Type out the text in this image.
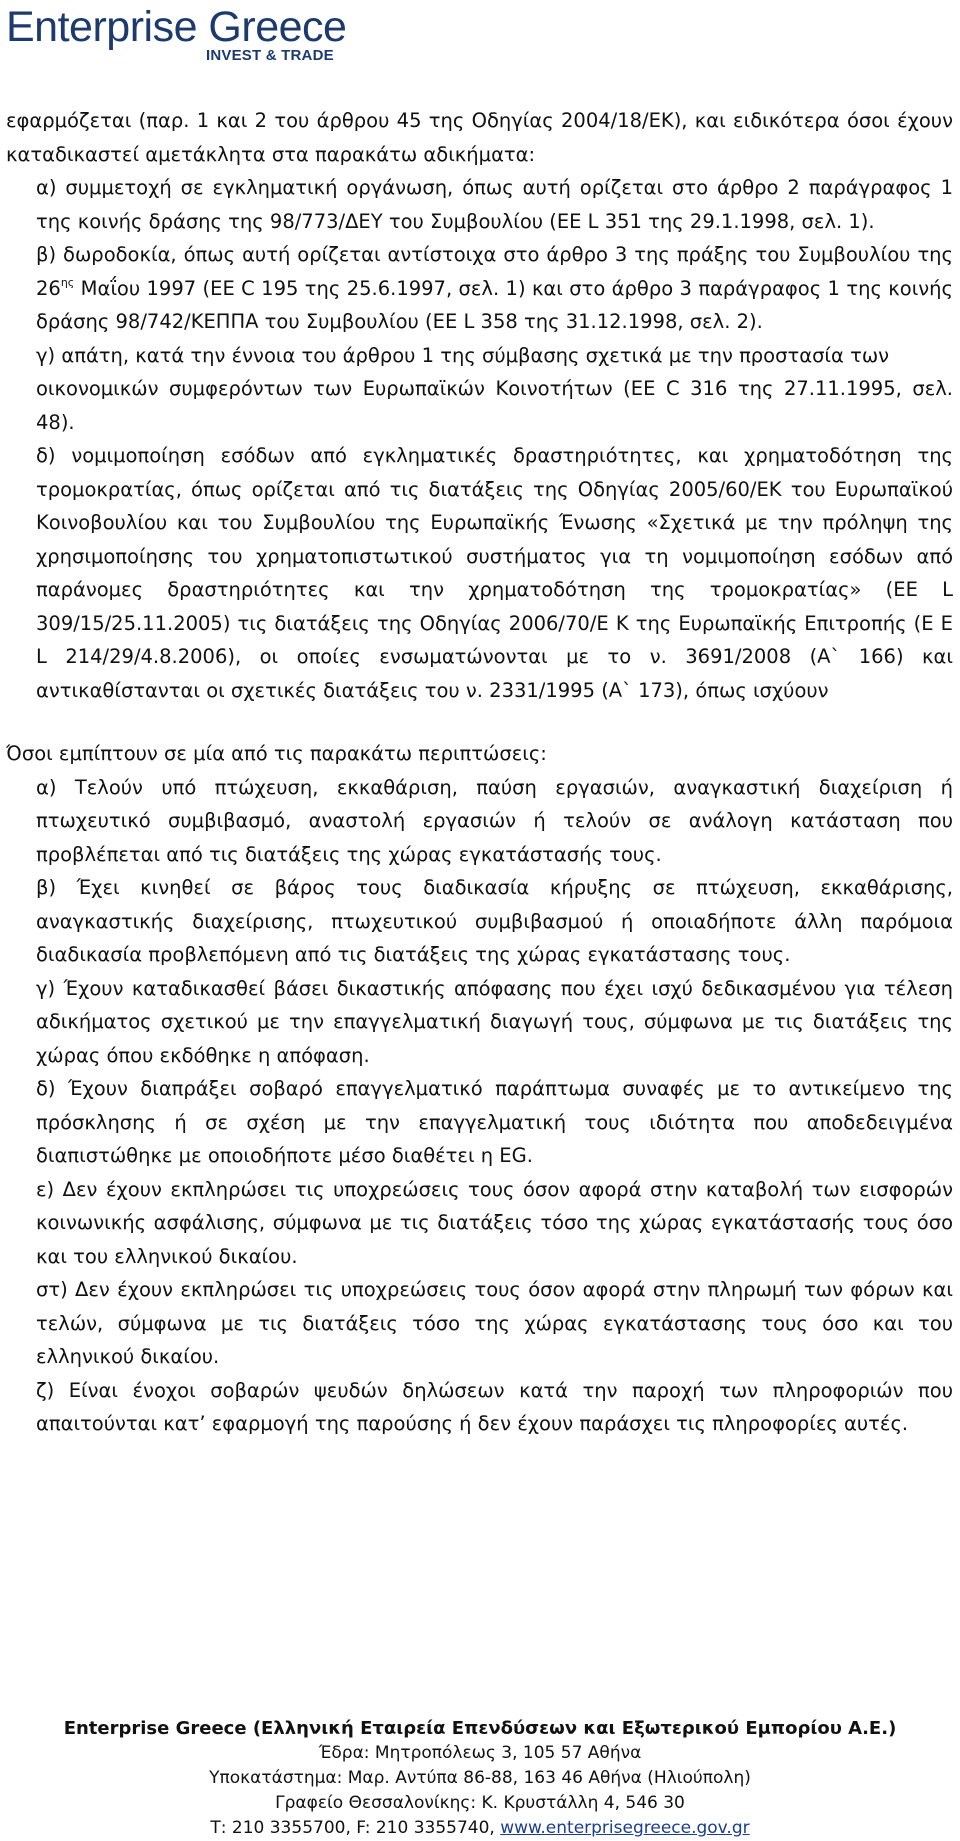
Enterprise Greece
INVEST & TRADE

εφαρμόζεται (παρ. 1 και 2 του άρθρου 45 της Οδηγίας 2004/18/ΕΚ), και ειδικότερα όσοι έχουν καταδικαστεί αμετάκλητα στα παρακάτω αδικήματα:

α) συμμετοχή σε εγκληματική οργάνωση, όπως αυτή ορίζεται στο άρθρο 2 παράγραφος 1 της κοινής δράσης της 98/773/ΔΕΥ του Συμβουλίου (ΕΕ L 351 της 29.1.1998, σελ. 1).

β) δωροδοκία, όπως αυτή ορίζεται αντίστοιχα στο άρθρο 3 της πράξης του Συμβουλίου της $26^{\eta\varsigma}$ Μαΐου 1997 (ΕΕ C 195 της 25.6.1997, σελ. 1) και στο άρθρο 3 παράγραφος 1 της κοινής δράσης 98/742/ΚΕΠΠΑ του Συμβουλίου (ΕΕ L 358 της 31.12.1998, σελ. 2).

γ) απάτη, κατά την έννοια του άρθρου 1 της σύμβασης σχετικά με την προστασία των

οικονομικών συμφερόντων των Ευρωπαϊκών Κοινοτήτων (ΕΕ C 316 της 27.11.1995, σελ. 48).

δ) νομιμοποίηση εσόδων από εγκληματικές δραστηριότητες, και χρηματοδότηση της τρομοκρατίας, όπως ορίζεται από τις διατάξεις της Οδηγίας 2005/60/ΕΚ του Ευρωπαϊκού Κοινοβουλίου και του Συμβουλίου της Ευρωπαϊκής Ένωσης «Σχετικά με την πρόληψη της χρησιμοποίησης του χρηματοπιστωτικού συστήματος για τη νομιμοποίηση εσόδων από παράνομες δραστηριότητες και την χρηματοδότηση της τρομοκρατίας» (ΕΕ L 309/15/25.11.2005) τις διατάξεις της Οδηγίας 2006/70/Ε Κ της Ευρωπαϊκής Επιτροπής (Ε Ε L 214/29/4.8.2006), οι οποίες ενσωματώνονται με το ν. 3691/2008 (Α` 166) και αντικαθίστανται οι σχετικές διατάξεις του ν. 2331/1995 (Α` 173), όπως ισχύουν

Όσοι εμπίπτουν σε μία από τις παρακάτω περιπτώσεις:

α) Τελούν υπό πτώχευση, εκκαθάριση, παύση εργασιών, αναγκαστική διαχείριση ή πτωχευτικό συμβιβασμό, αναστολή εργασιών ή τελούν σε ανάλογη κατάσταση που προβλέπεται από τις διατάξεις της χώρας εγκατάστασής τους.

β) Έχει κινηθεί σε βάρος τους διαδικασία κήρυξης σε πτώχευση, εκκαθάρισης, αναγκαστικής διαχείρισης, πτωχευτικού συμβιβασμού ή οποιαδήποτε άλλη παρόμοια διαδικασία προβλεπόμενη από τις διατάξεις της χώρας εγκατάστασης τους.

γ) Έχουν καταδικασθεί βάσει δικαστικής απόφασης που έχει ισχύ δεδικασμένου για τέλεση αδικήματος σχετικού με την επαγγελματική διαγωγή τους, σύμφωνα με τις διατάξεις της χώρας όπου εκδόθηκε η απόφαση.

δ) Έχουν διαπράξει σοβαρό επαγγελματικό παράπτωμα συναφές με το αντικείμενο της πρόσκλησης ή σε σχέση με την επαγγελματική τους ιδιότητα που αποδεδειγμένα διαπιστώθηκε με οποιοδήποτε μέσο διαθέτει η EG.

ε) Δεν έχουν εκπληρώσει τις υποχρεώσεις τους όσον αφορά στην καταβολή των εισφορών κοινωνικής ασφάλισης, σύμφωνα με τις διατάξεις τόσο της χώρας εγκατάστασής τους όσο και του ελληνικού δικαίου.

στ) Δεν έχουν εκπληρώσει τις υποχρεώσεις τους όσον αφορά στην πληρωμή των φόρων και τελών, σύμφωνα με τις διατάξεις τόσο της χώρας εγκατάστασης τους όσο και του ελληνικού δικαίου.

ζ) Είναι ένοχοι σοβαρών ψευδών δηλώσεων κατά την παροχή των πληροφοριών που απαιτούνται κατ’ εφαρμογή της παρούσης ή δεν έχουν παράσχει τις πληροφορίες αυτές.

Enterprise Greece (Ελληνική Εταιρεία Επενδύσεων και Εξωτερικού Εμπορίου Α.Ε.)
Έδρα: Μητροπόλεως 3, 105 57 Αθήνα
Υποκατάστημα: Μαρ. Αντύπα 86-88, 163 46 Αθήνα (Ηλιούπολη)
Γραφείο Θεσσαλονίκης: Κ. Κρυστάλλη 4, 546 30
Τ: 210 3355700, F: 210 3355740, www.enterprisegreece.gov.gr
